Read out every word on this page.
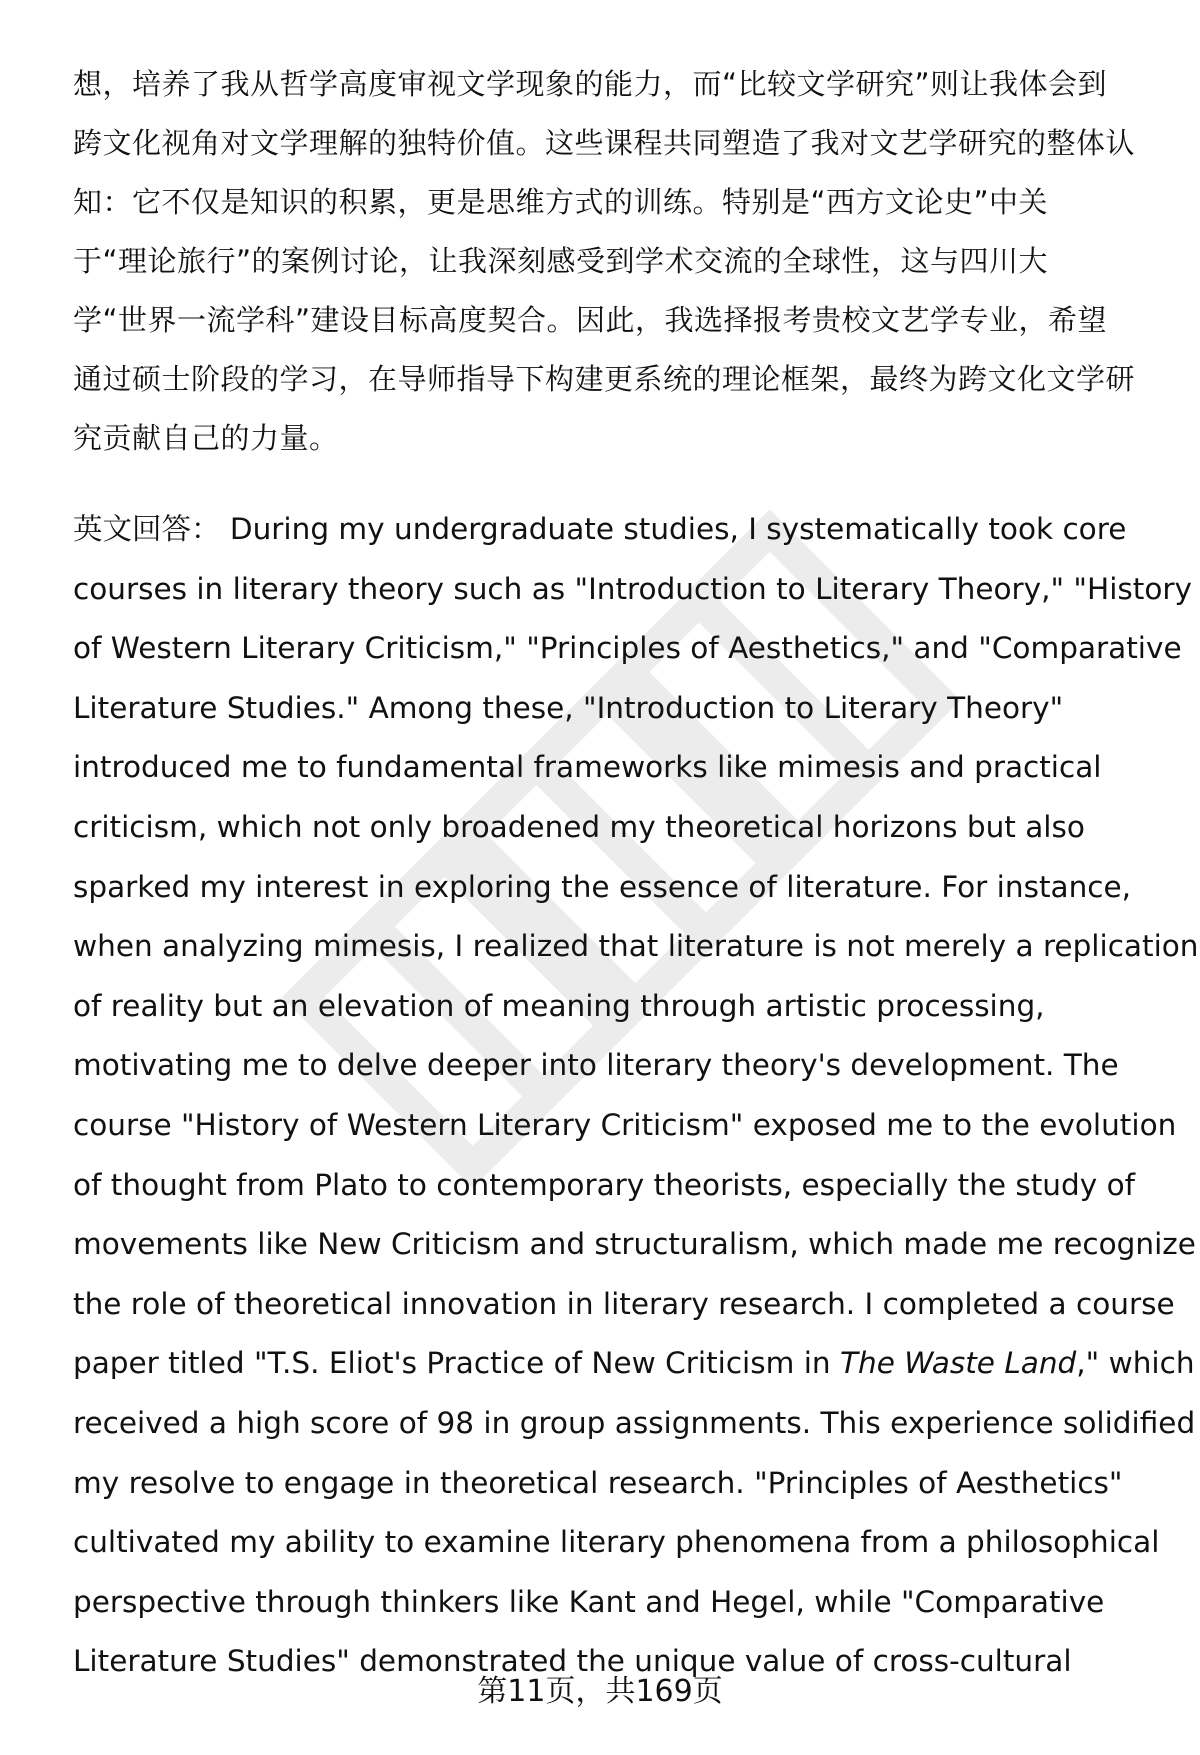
想，培养了我从哲学高度审视文学现象的能力，而“比较文学研究”则让我体会到
跨文化视角对文学理解的独特价值。这些课程共同塑造了我对文艺学研究的整体认
知：它不仅是知识的积累，更是思维方式的训练。特别是“西方文论史”中关
于“理论旅行”的案例讨论，让我深刻感受到学术交流的全球性，这与四川大
学“世界一流学科”建设目标高度契合。因此，我选择报考贵校文艺学专业，希望
通过硕士阶段的学习，在导师指导下构建更系统的理论框架，最终为跨文化文学研
究贡献自己的力量。
英文回答： During my undergraduate studies, I systematically took core
courses in literary theory such as "Introduction to Literary Theory," "History
of Western Literary Criticism," "Principles of Aesthetics," and "Comparative
Literature Studies." Among these, "Introduction to Literary Theory"
introduced me to fundamental frameworks like mimesis and practical
criticism, which not only broadened my theoretical horizons but also
sparked my interest in exploring the essence of literature. For instance,
when analyzing mimesis, I realized that literature is not merely a replication
of reality but an elevation of meaning through artistic processing,
motivating me to delve deeper into literary theory's development. The
course "History of Western Literary Criticism" exposed me to the evolution
of thought from Plato to contemporary theorists, especially the study of
movements like New Criticism and structuralism, which made me recognize
the role of theoretical innovation in literary research. I completed a course
paper titled "T.S. Eliot's Practice of New Criticism in The Waste Land," which
received a high score of 98 in group assignments. This experience solidified
my resolve to engage in theoretical research. "Principles of Aesthetics"
cultivated my ability to examine literary phenomena from a philosophical
perspective through thinkers like Kant and Hegel, while "Comparative
Literature Studies" demonstrated the unique value of cross-cultural
第11页，共169页
